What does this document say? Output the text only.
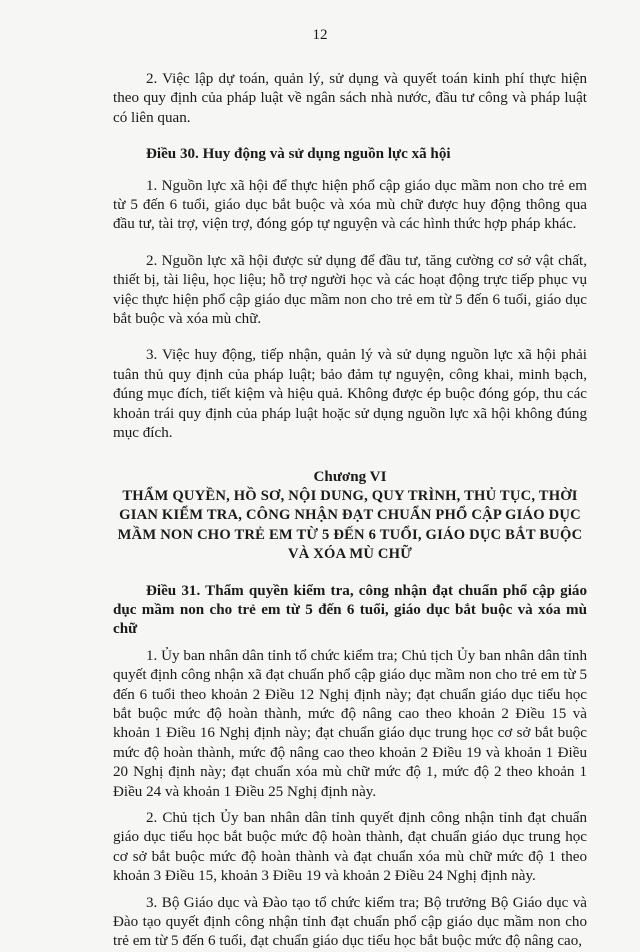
12

2. Việc lập dự toán, quản lý, sử dụng và quyết toán kinh phí thực hiện theo quy định của pháp luật về ngân sách nhà nước, đầu tư công và pháp luật có liên quan.

Điều 30. Huy động và sử dụng nguồn lực xã hội

1. Nguồn lực xã hội để thực hiện phổ cập giáo dục mầm non cho trẻ em từ 5 đến 6 tuổi, giáo dục bắt buộc và xóa mù chữ được huy động thông qua đầu tư, tài trợ, viện trợ, đóng góp tự nguyện và các hình thức hợp pháp khác.

2. Nguồn lực xã hội được sử dụng để đầu tư, tăng cường cơ sở vật chất, thiết bị, tài liệu, học liệu; hỗ trợ người học và các hoạt động trực tiếp phục vụ việc thực hiện phổ cập giáo dục mầm non cho trẻ em từ 5 đến 6 tuổi, giáo dục bắt buộc và xóa mù chữ.

3. Việc huy động, tiếp nhận, quản lý và sử dụng nguồn lực xã hội phải tuân thủ quy định của pháp luật; bảo đảm tự nguyện, công khai, minh bạch, đúng mục đích, tiết kiệm và hiệu quả. Không được ép buộc đóng góp, thu các khoản trái quy định của pháp luật hoặc sử dụng nguồn lực xã hội không đúng mục đích.

Chương VI

THẨM QUYỀN, HỒ SƠ, NỘI DUNG, QUY TRÌNH, THỦ TỤC, THỜI GIAN KIỂM TRA, CÔNG NHẬN ĐẠT CHUẨN PHỔ CẬP GIÁO DỤC MẦM NON CHO TRẺ EM TỪ 5 ĐẾN 6 TUỔI, GIÁO DỤC BẮT BUỘC VÀ XÓA MÙ CHỮ

Điều 31. Thẩm quyền kiểm tra, công nhận đạt chuẩn phổ cập giáo dục mầm non cho trẻ em từ 5 đến 6 tuổi, giáo dục bắt buộc và xóa mù chữ

1. Ủy ban nhân dân tỉnh tổ chức kiểm tra; Chủ tịch Ủy ban nhân dân tỉnh quyết định công nhận xã đạt chuẩn phổ cập giáo dục mầm non cho trẻ em từ 5 đến 6 tuổi theo khoản 2 Điều 12 Nghị định này; đạt chuẩn giáo dục tiểu học bắt buộc mức độ hoàn thành, mức độ nâng cao theo khoản 2 Điều 15 và khoản 1 Điều 16 Nghị định này; đạt chuẩn giáo dục trung học cơ sở bắt buộc mức độ hoàn thành, mức độ nâng cao theo khoản 2 Điều 19 và khoản 1 Điều 20 Nghị định này; đạt chuẩn xóa mù chữ mức độ 1, mức độ 2 theo khoản 1 Điều 24 và khoản 1 Điều 25 Nghị định này.

2. Chủ tịch Ủy ban nhân dân tỉnh quyết định công nhận tỉnh đạt chuẩn giáo dục tiểu học bắt buộc mức độ hoàn thành, đạt chuẩn giáo dục trung học cơ sở bắt buộc mức độ hoàn thành và đạt chuẩn xóa mù chữ mức độ 1 theo khoản 3 Điều 15, khoản 3 Điều 19 và khoản 2 Điều 24 Nghị định này.

3. Bộ Giáo dục và Đào tạo tổ chức kiểm tra; Bộ trưởng Bộ Giáo dục và Đào tạo quyết định công nhận tỉnh đạt chuẩn phổ cập giáo dục mầm non cho trẻ em từ 5 đến 6 tuổi, đạt chuẩn giáo dục tiểu học bắt buộc mức độ nâng cao,
